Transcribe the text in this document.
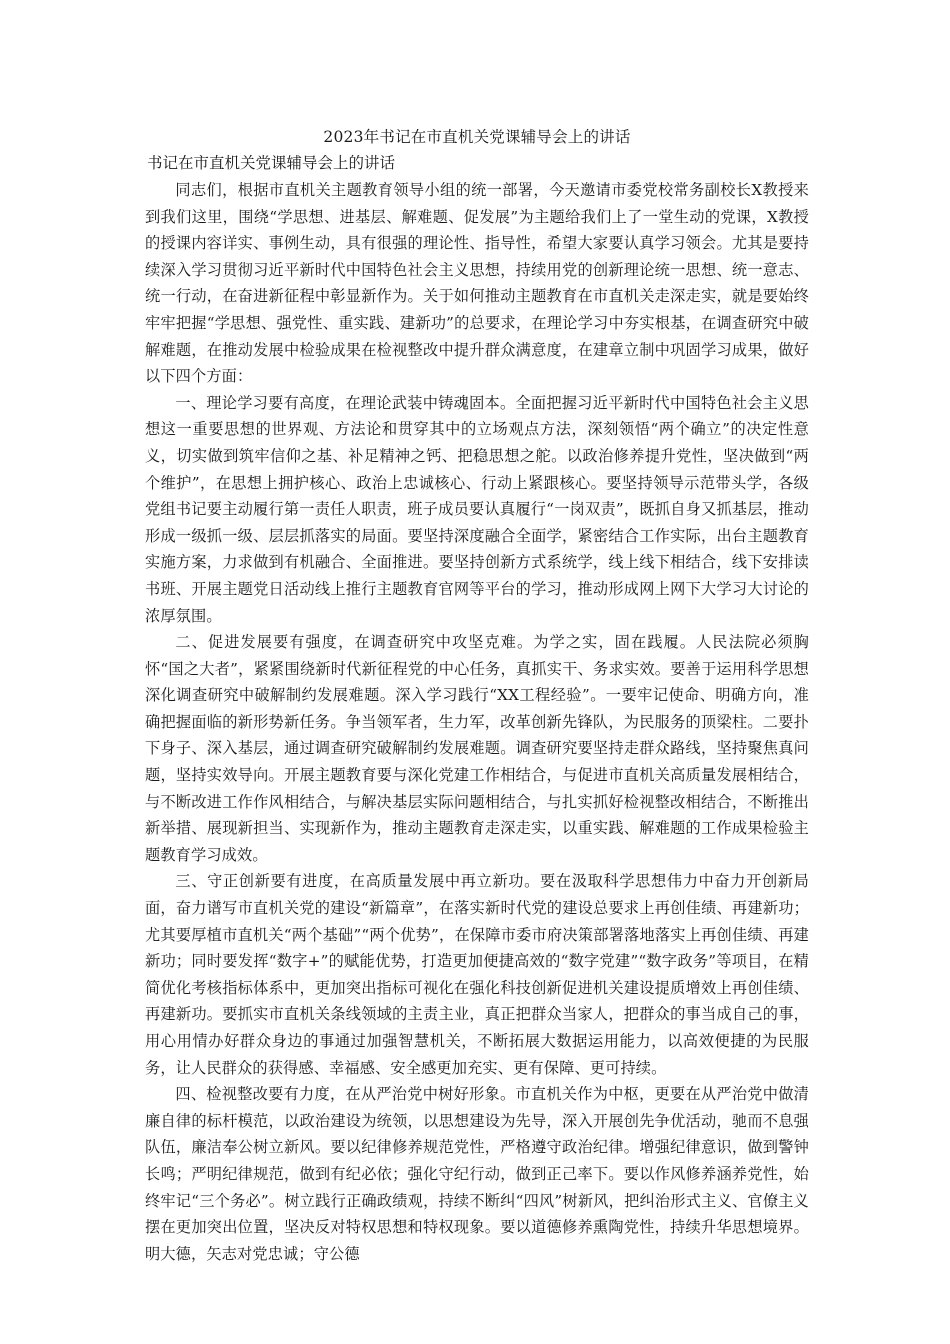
2023年书记在市直机关党课辅导会上的讲话
书记在市直机关党课辅导会上的讲话

同志们，根据市直机关主题教育领导小组的统一部署，今天邀请市委党校常务副校长X教授来到我们这里，围绕“学思想、进基层、解难题、促发展”为主题给我们上了一堂生动的党课，X教授的授课内容详实、事例生动，具有很强的理论性、指导性，希望大家要认真学习领会。尤其是要持续深入学习贯彻习近平新时代中国特色社会主义思想，持续用党的创新理论统一思想、统一意志、统一行动，在奋进新征程中彰显新作为。关于如何推动主题教育在市直机关走深走实，就是要始终牢牢把握“学思想、强党性、重实践、建新功”的总要求，在理论学习中夯实根基，在调查研究中破解难题，在推动发展中检验成果在检视整改中提升群众满意度，在建章立制中巩固学习成果，做好以下四个方面：

一、理论学习要有高度，在理论武装中铸魂固本。全面把握习近平新时代中国特色社会主义思想这一重要思想的世界观、方法论和贯穿其中的立场观点方法，深刻领悟“两个确立”的决定性意义，切实做到筑牢信仰之基、补足精神之钙、把稳思想之舵。以政治修养提升党性，坚决做到“两个维护”，在思想上拥护核心、政治上忠诚核心、行动上紧跟核心。要坚持领导示范带头学，各级党组书记要主动履行第一责任人职责，班子成员要认真履行“一岗双责”，既抓自身又抓基层，推动形成一级抓一级、层层抓落实的局面。要坚持深度融合全面学，紧密结合工作实际，出台主题教育实施方案，力求做到有机融合、全面推进。要坚持创新方式系统学，线上线下相结合，线下安排读书班、开展主题党日活动线上推行主题教育官网等平台的学习，推动形成网上网下大学习大讨论的浓厚氛围。

二、促进发展要有强度，在调查研究中攻坚克难。为学之实，固在践履。人民法院必须胸怀“国之大者”，紧紧围绕新时代新征程党的中心任务，真抓实干、务求实效。要善于运用科学思想深化调查研究中破解制约发展难题。深入学习践行“XX工程经验”。一要牢记使命、明确方向，准确把握面临的新形势新任务。争当领军者，生力军，改革创新先锋队，为民服务的顶梁柱。二要扑下身子、深入基层，通过调查研究破解制约发展难题。调查研究要坚持走群众路线，坚持聚焦真问题，坚持实效导向。开展主题教育要与深化党建工作相结合，与促进市直机关高质量发展相结合，与不断改进工作作风相结合，与解决基层实际问题相结合，与扎实抓好检视整改相结合，不断推出新举措、展现新担当、实现新作为，推动主题教育走深走实，以重实践、解难题的工作成果检验主题教育学习成效。

三、守正创新要有进度，在高质量发展中再立新功。要在汲取科学思想伟力中奋力开创新局面，奋力谱写市直机关党的建设“新篇章”，在落实新时代党的建设总要求上再创佳绩、再建新功；尤其要厚植市直机关“两个基础”“两个优势”，在保障市委市府决策部署落地落实上再创佳绩、再建新功；同时要发挥“数字+”的赋能优势，打造更加便捷高效的“数字党建”“数字政务”等项目，在精简优化考核指标体系中，更加突出指标可视化在强化科技创新促进机关建设提质增效上再创佳绩、再建新功。要抓实市直机关条线领域的主责主业，真正把群众当家人，把群众的事当成自己的事，用心用情办好群众身边的事通过加强智慧机关，不断拓展大数据运用能力，以高效便捷的为民服务，让人民群众的获得感、幸福感、安全感更加充实、更有保障、更可持续。

四、检视整改要有力度，在从严治党中树好形象。市直机关作为中枢，更要在从严治党中做清廉自律的标杆模范，以政治建设为统领，以思想建设为先导，深入开展创先争优活动，驰而不息强队伍，廉洁奉公树立新风。要以纪律修养规范党性，严格遵守政治纪律。增强纪律意识，做到警钟长鸣；严明纪律规范，做到有纪必依；强化守纪行动，做到正己率下。要以作风修养涵养党性，始终牢记“三个务必”。树立践行正确政绩观，持续不断纠“四风”树新风，把纠治形式主义、官僚主义摆在更加突出位置，坚决反对特权思想和特权现象。要以道德修养熏陶党性，持续升华思想境界。明大德，矢志对党忠诚；守公德
